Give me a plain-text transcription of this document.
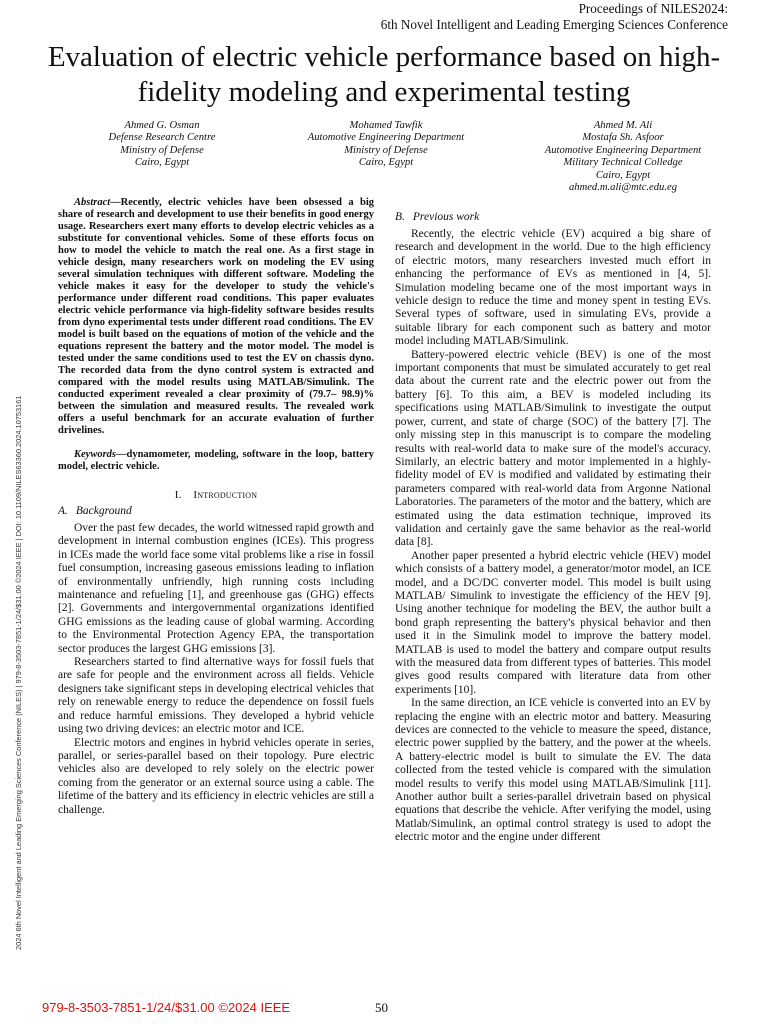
Proceedings of NILES2024:
6th Novel Intelligent and Leading Emerging Sciences Conference
Evaluation of electric vehicle performance based on high-fidelity modeling and experimental testing
Ahmed G. Osman
Defense Research Centre
Ministry of Defense
Cairo, Egypt
Mohamed Tawfik
Automotive Engineering Department
Ministry of Defense
Cairo, Egypt
Ahmed M. Ali
Mostafa Sh. Asfoor
Automotive Engineering Department
Military Technical Colledge
Cairo, Egypt
ahmed.m.ali@mtc.edu.eg
2024 6th Novel Intelligent and Leading Emerging Sciences Conference (NILES) | 979-8-3503-7851-1/24/$31.00 ©2024 IEEE | DOI: 10.1109/NILES63360.2024.10753161

Abstract—Recently, electric vehicles have been obsessed a big share of research and development to use their benefits in good energy usage. Researchers exert many efforts to develop electric vehicles as a substitute for conventional vehicles. Some of these efforts focus on how to model the vehicle to match the real one. As a first stage in vehicle design, many researchers work on modeling the EV using several simulation techniques with different software. Modeling the vehicle makes it easy for the developer to study the vehicle's performance under different road conditions. This paper evaluates electric vehicle performance via high-fidelity software besides results from dyno experimental tests under different road conditions. The EV model is built based on the equations of motion of the vehicle and the equations represent the battery and the motor model. The model is tested under the same conditions used to test the EV on chassis dyno. The recorded data from the dyno control system is extracted and compared with the model results using MATLAB/Simulink. The conducted experiment revealed a clear proximity of (79.7– 98.9)% between the simulation and measured results. The revealed work offers a useful benchmark for an accurate evaluation of further drivelines.

Keywords—dynamometer, modeling, software in the loop, battery model, electric vehicle.

I. Introduction
A. Background

Over the past few decades, the world witnessed rapid growth and development in internal combustion engines (ICEs). This progress in ICEs made the world face some vital problems like a rise in fossil fuel consumption, increasing gaseous emissions leading to inflation of environmentally unfriendly, high running costs including maintenance and refueling [1], and greenhouse gas (GHG) effects [2]. Governments and intergovernmental organizations identified GHG emissions as the leading cause of global warming. According to the Environmental Protection Agency EPA, the transportation sector produces the largest GHG emissions [3].

Researchers started to find alternative ways for fossil fuels that are safe for people and the environment across all fields. Vehicle designers take significant steps in developing electrical vehicles that rely on renewable energy to reduce the dependence on fossil fuels and reduce harmful emissions. They developed a hybrid vehicle using two driving devices: an electric motor and ICE.

Electric motors and engines in hybrid vehicles operate in series, parallel, or series-parallel based on their topology. Pure electric vehicles also are developed to rely solely on the electric power coming from the generator or an external source using a cable. The lifetime of the battery and its efficiency in electric vehicles are still a challenge.

B. Previous work

Recently, the electric vehicle (EV) acquired a big share of research and development in the world. Due to the high efficiency of electric motors, many researchers invested much effort in enhancing the performance of EVs as mentioned in [4, 5]. Simulation modeling became one of the most important ways in vehicle design to reduce the time and money spent in testing EVs. Several types of software, used in simulating EVs, provide a suitable library for each component such as battery and motor model including MATLAB/Simulink.

Battery-powered electric vehicle (BEV) is one of the most important components that must be simulated accurately to get real data about the current rate and the electric power out from the battery [6]. To this aim, a BEV is modeled including its specifications using MATLAB/Simulink to investigate the output power, current, and state of charge (SOC) of the battery [7]. The only missing step in this manuscript is to compare the modeling results with real-world data to make sure of the model's accuracy. Similarly, an electric battery and motor implemented in a highly-fidelity model of EV is modified and validated by estimating their parameters compared with real-world data from Argonne National Laboratories. The parameters of the motor and the battery, which are estimated using the data estimation technique, improved its validation and certainly gave the same behavior as the real-world data [8].

Another paper presented a hybrid electric vehicle (HEV) model which consists of a battery model, a generator/motor model, an ICE model, and a DC/DC converter model. This model is built using MATLAB/ Simulink to investigate the efficiency of the HEV [9]. Using another technique for modeling the BEV, the author built a bond graph representing the battery's physical behavior and then used it in the Simulink model to improve the battery model. MATLAB is used to model the battery and compare output results with the measured data from different types of batteries. This model gives good results compared with literature data from other experiments [10].

In the same direction, an ICE vehicle is converted into an EV by replacing the engine with an electric motor and battery. Measuring devices are connected to the vehicle to measure the speed, distance, electric power supplied by the battery, and the power at the wheels. A battery-electric model is built to simulate the EV. The data collected from the tested vehicle is compared with the simulation model results to verify this model using MATLAB/Simulink [11]. Another author built a series-parallel drivetrain based on physical equations that describe the vehicle. After verifying the model, using Matlab/Simulink, an optimal control strategy is used to adopt the electric motor and the engine under different

979-8-3503-7851-1/24/$31.00 ©2024 IEEE	50
